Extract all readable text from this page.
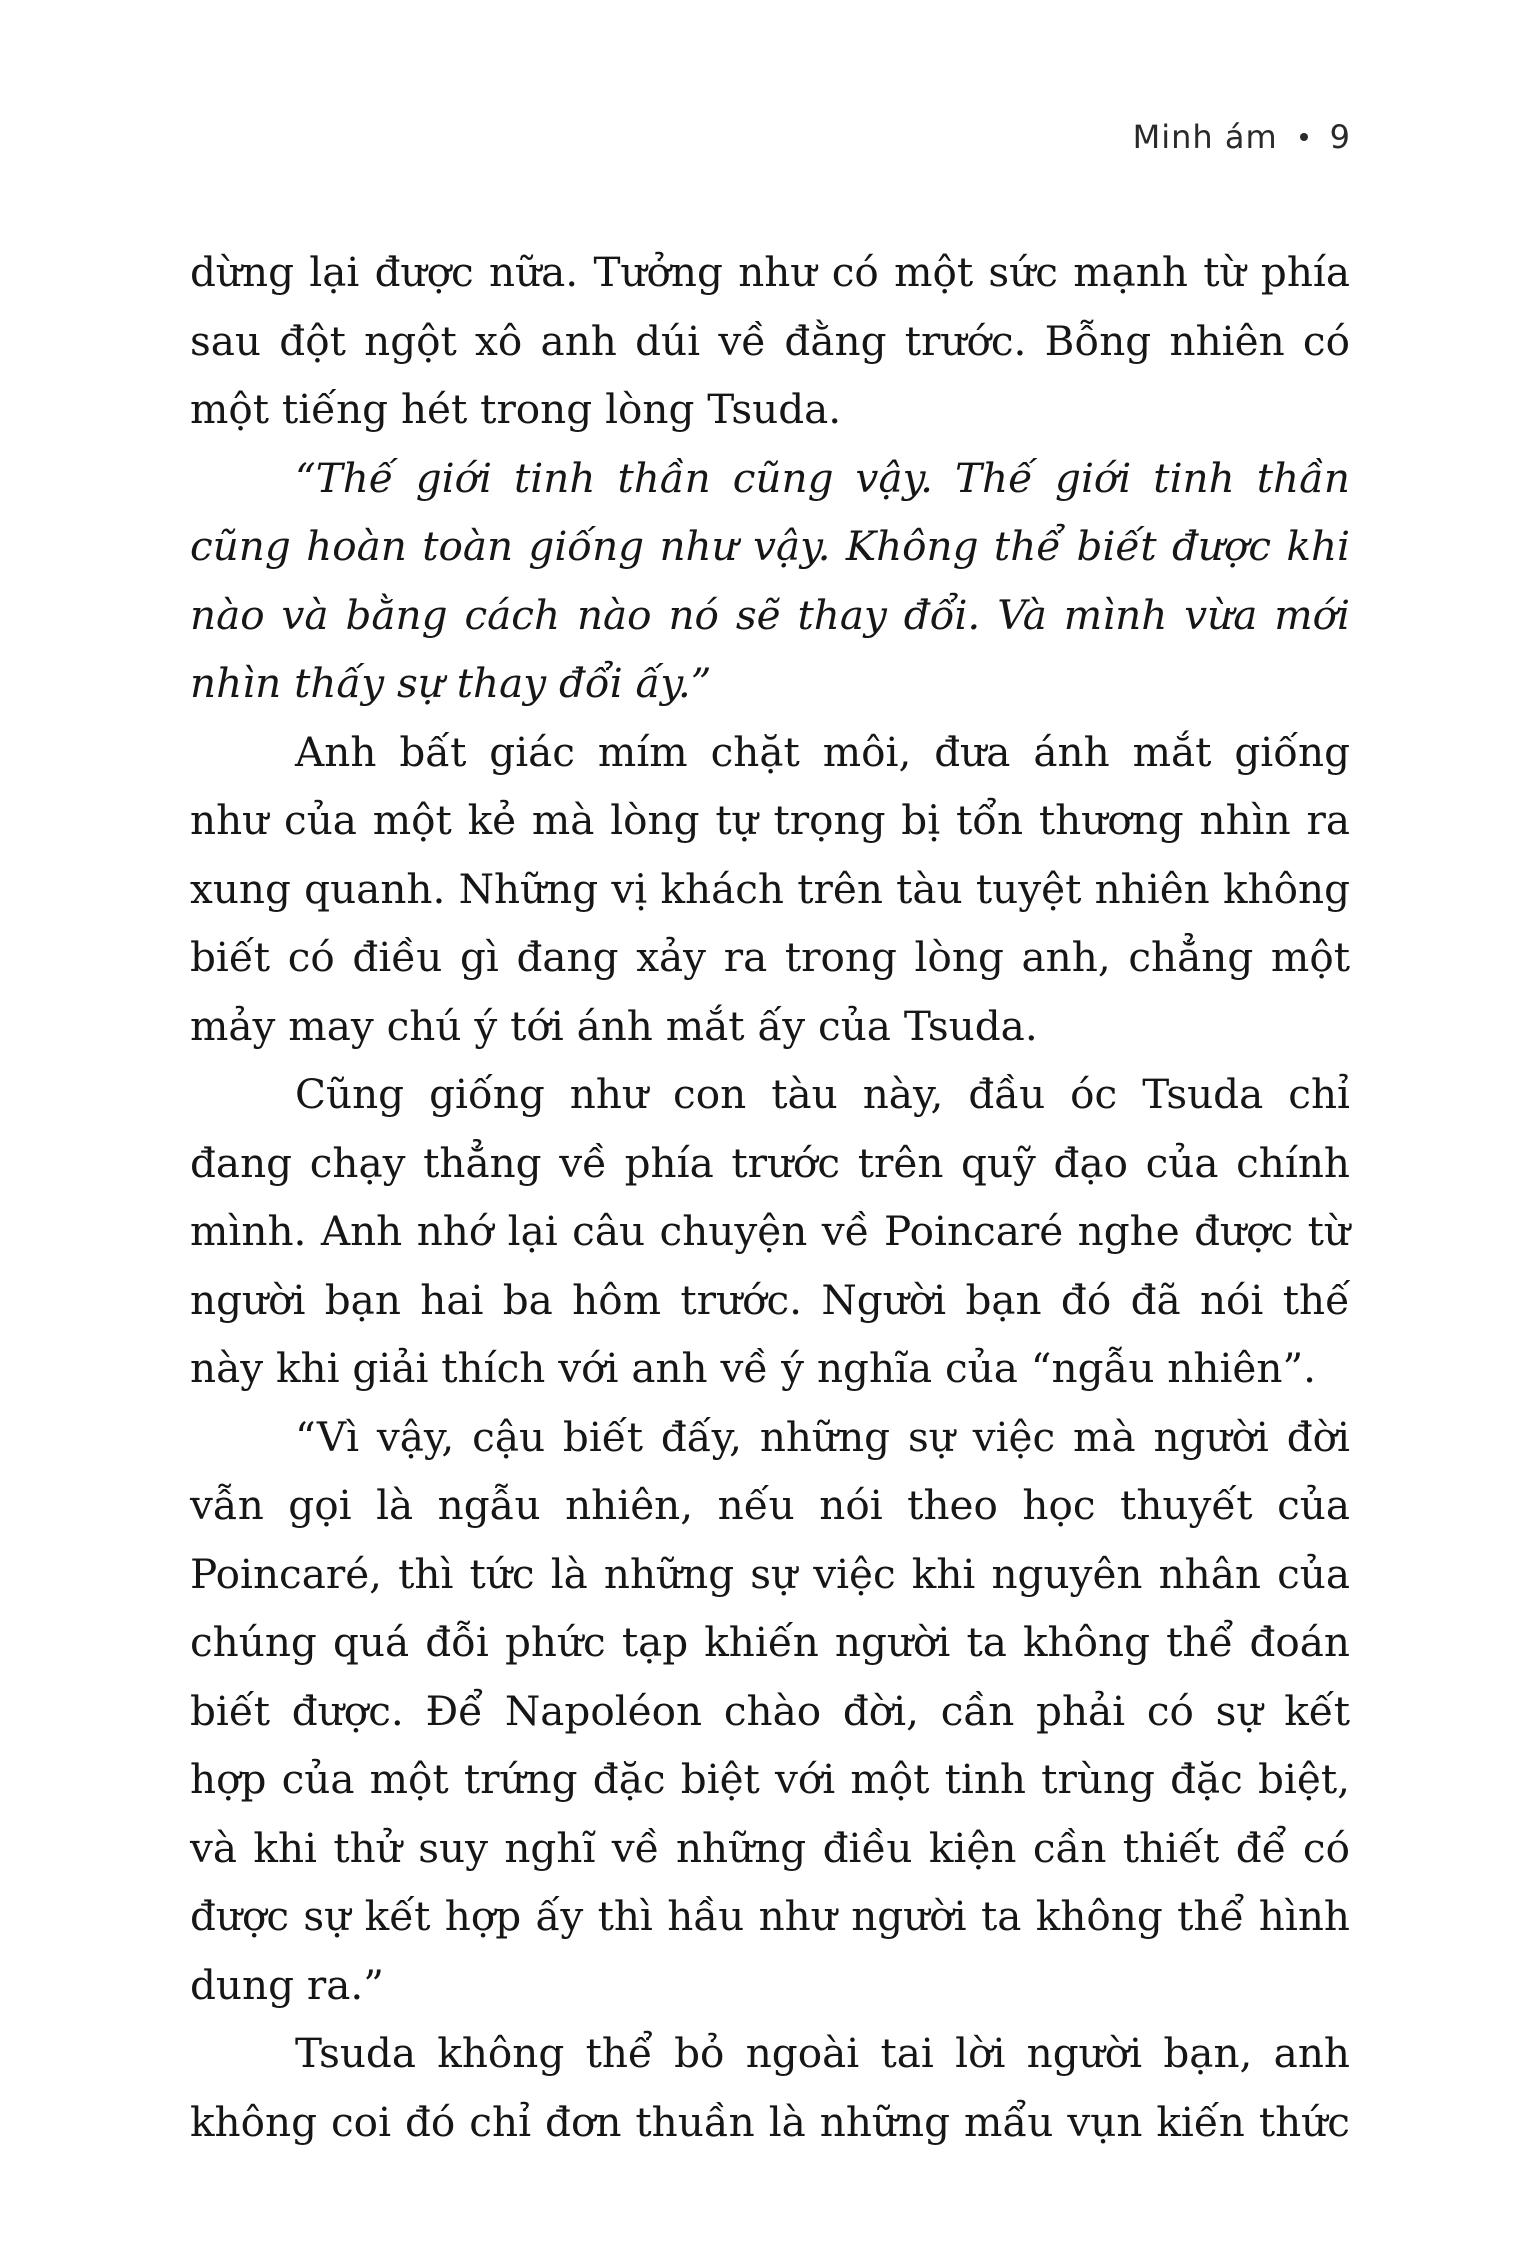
Minh ám 9

dừng lại được nữa. Tưởng như có một sức mạnh từ phía sau đột ngột xô anh dúi về đằng trước. Bỗng nhiên có một tiếng hét trong lòng Tsuda.

“Thế giới tinh thần cũng vậy. Thế giới tinh thần cũng hoàn toàn giống như vậy. Không thể biết được khi nào và bằng cách nào nó sẽ thay đổi. Và mình vừa mới nhìn thấy sự thay đổi ấy.”

Anh bất giác mím chặt môi, đưa ánh mắt giống như của một kẻ mà lòng tự trọng bị tổn thương nhìn ra xung quanh. Những vị khách trên tàu tuyệt nhiên không biết có điều gì đang xảy ra trong lòng anh, chẳng một mảy may chú ý tới ánh mắt ấy của Tsuda.

Cũng giống như con tàu này, đầu óc Tsuda chỉ đang chạy thẳng về phía trước trên quỹ đạo của chính mình. Anh nhớ lại câu chuyện về Poincaré nghe được từ người bạn hai ba hôm trước. Người bạn đó đã nói thế này khi giải thích với anh về ý nghĩa của “ngẫu nhiên”.

“Vì vậy, cậu biết đấy, những sự việc mà người đời vẫn gọi là ngẫu nhiên, nếu nói theo học thuyết của Poincaré, thì tức là những sự việc khi nguyên nhân của chúng quá đỗi phức tạp khiến người ta không thể đoán biết được. Để Napoléon chào đời, cần phải có sự kết hợp của một trứng đặc biệt với một tinh trùng đặc biệt, và khi thử suy nghĩ về những điều kiện cần thiết để có được sự kết hợp ấy thì hầu như người ta không thể hình dung ra.”

Tsuda không thể bỏ ngoài tai lời người bạn, anh không coi đó chỉ đơn thuần là những mẩu vụn kiến thức
